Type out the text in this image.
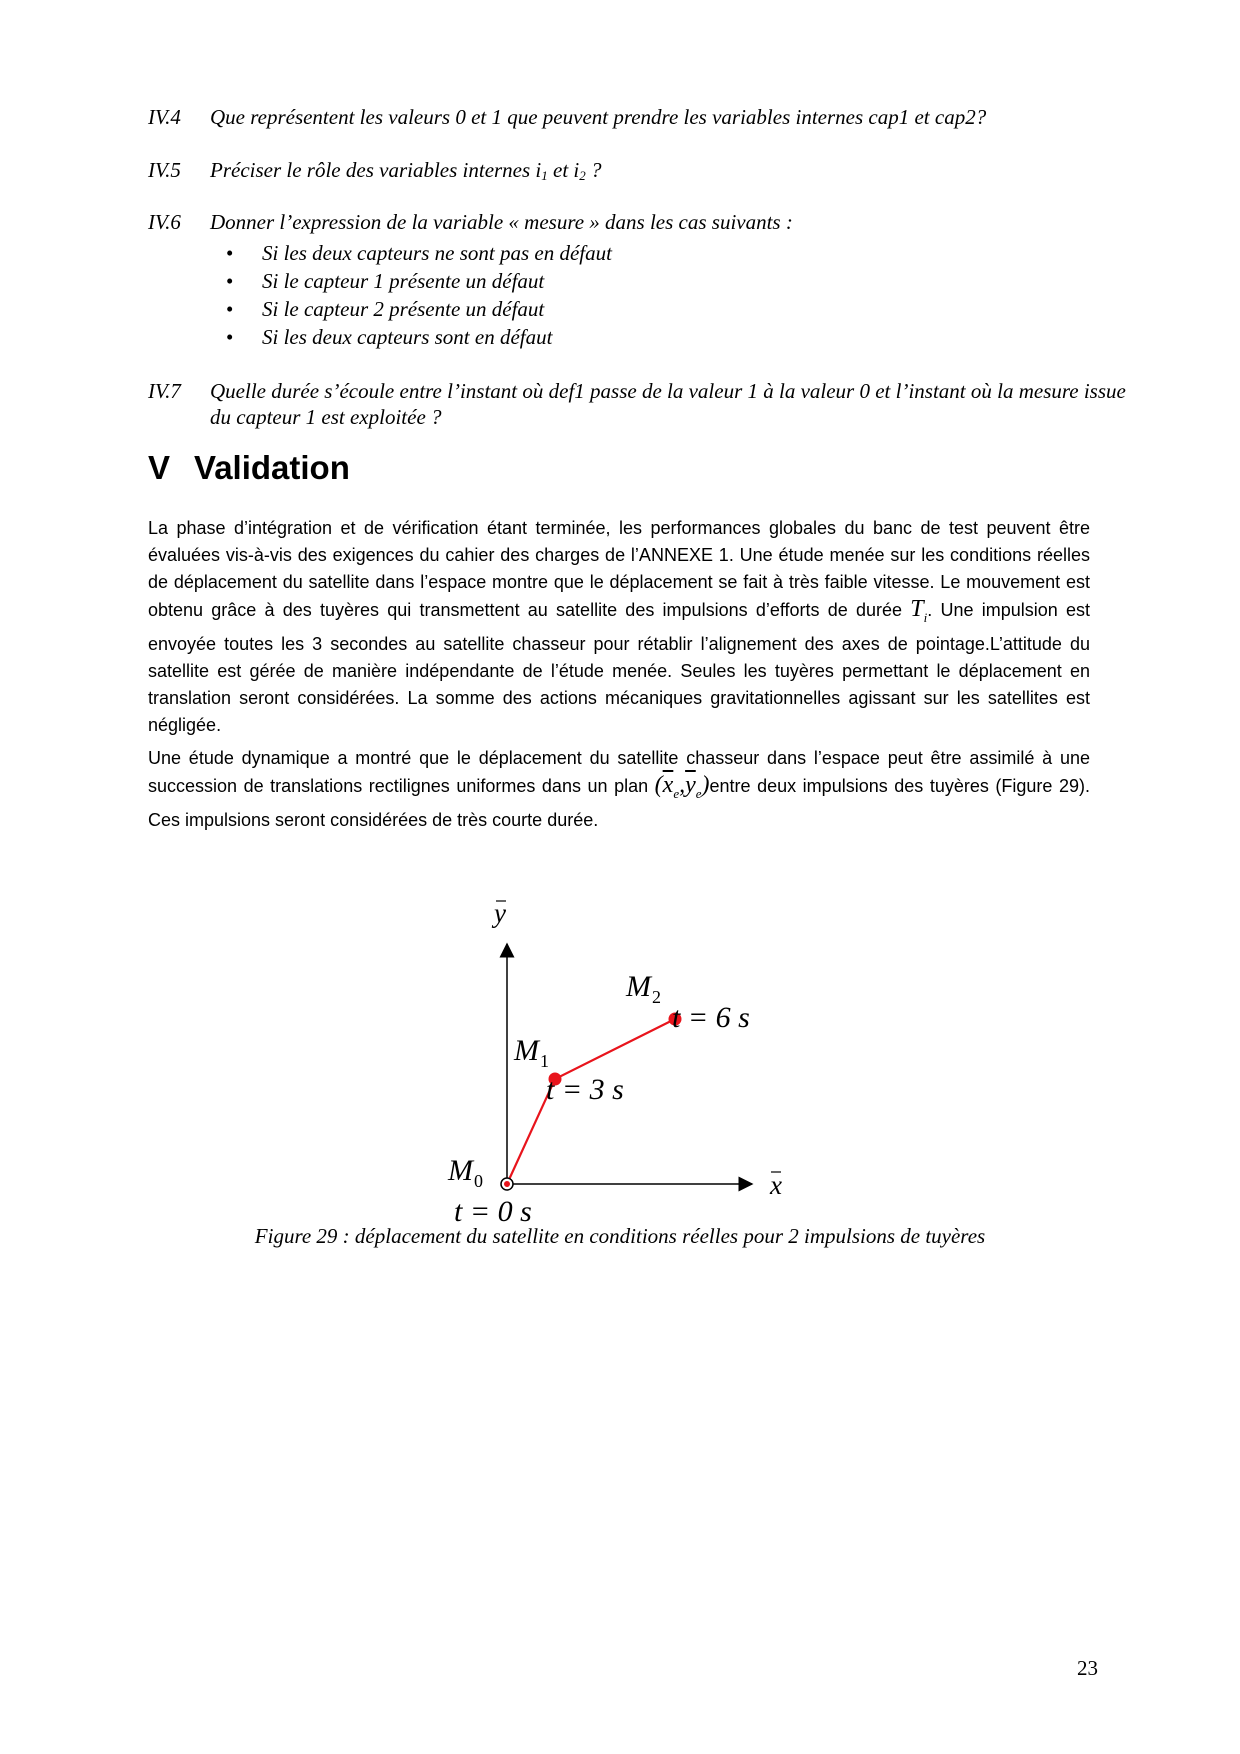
IV.4	Que représentent les valeurs 0 et 1 que peuvent prendre les variables internes cap1 et cap2?
IV.5	Préciser le rôle des variables internes $i_1$ et $i_2$ ?
IV.6	Donner l’expression de la variable « mesure » dans les cas suivants :
• Si les deux capteurs ne sont pas en défaut
• Si le capteur 1 présente un défaut
• Si le capteur 2 présente un défaut
• Si les deux capteurs sont en défaut
IV.7	Quelle durée s’écoule entre l’instant où def1 passe de la valeur 1 à la valeur 0 et l’instant où la mesure issue du capteur 1 est exploitée ?
V Validation

La phase d’intégration et de vérification étant terminée, les performances globales du banc de test peuvent être évaluées vis-à-vis des exigences du cahier des charges de l’ANNEXE 1. Une étude menée sur les conditions réelles de déplacement du satellite dans l’espace montre que le déplacement se fait à très faible vitesse. Le mouvement est obtenu grâce à des tuyères qui transmettent au satellite des impulsions d’efforts de durée $T_i$. Une impulsion est envoyée toutes les 3 secondes au satellite chasseur pour rétablir l’alignement des axes de pointage.L’attitude du satellite est gérée de manière indépendante de l’étude menée. Seules les tuyères permettant le déplacement en translation seront considérées. La somme des actions mécaniques gravitationnelles agissant sur les satellites est négligée.

Une étude dynamique a montré que le déplacement du satellite chasseur dans l’espace peut être assimilé à une succession de translations rectilignes uniformes dans un plan $(\overline{x}_e,\overline{y}_e)entre$ deux impulsions des tuyères (Figure 29). Ces impulsions seront considérées de très courte durée.

y
x
$M_0$
t = 0 s
$M_1$
t = 3 s
$M_2$
t = 6 s
Figure 29 : déplacement du satellite en conditions réelles pour 2 impulsions de tuyères
23
